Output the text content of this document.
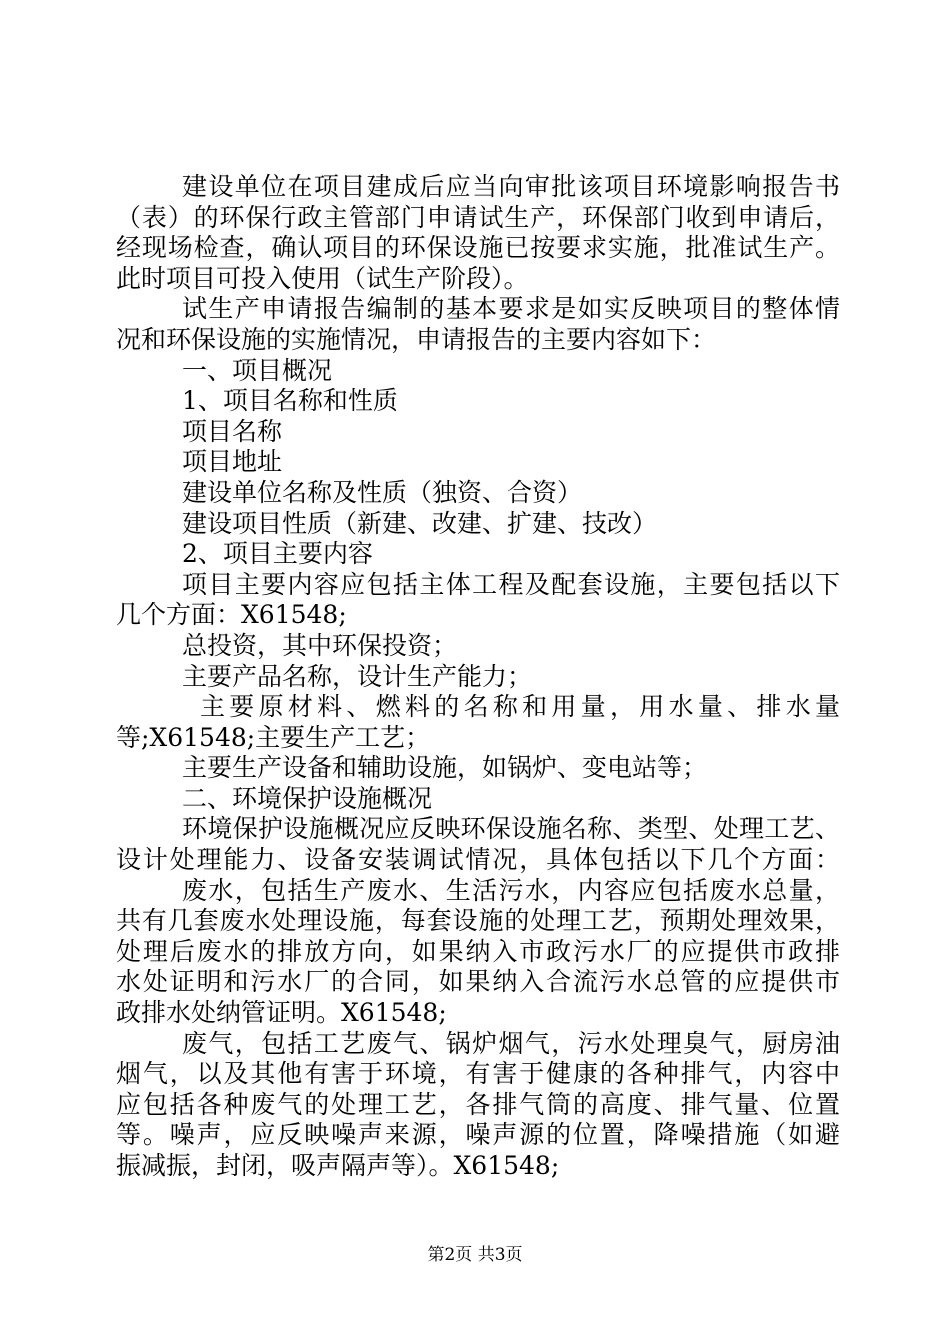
建设单位在项目建成后应当向审批该项目环境影响报告书
（表）的环保行政主管部门申请试生产，环保部门收到申请后，
经现场检查，确认项目的环保设施已按要求实施，批准试生产。
此时项目可投入使用（试生产阶段）。
试生产申请报告编制的基本要求是如实反映项目的整体情
况和环保设施的实施情况，申请报告的主要内容如下：
一、项目概况
1、项目名称和性质
项目名称
项目地址
建设单位名称及性质（独资、合资）
建设项目性质（新建、改建、扩建、技改）
2、项目主要内容
项目主要内容应包括主体工程及配套设施，主要包括以下
几个方面：X61548;
总投资，其中环保投资；
主要产品名称，设计生产能力；
主要原材料、燃料的名称和用量，用水量、排水量
等;X61548;主要生产工艺；
主要生产设备和辅助设施，如锅炉、变电站等；
二、环境保护设施概况
环境保护设施概况应反映环保设施名称、类型、处理工艺、
设计处理能力、设备安装调试情况，具体包括以下几个方面：
废水，包括生产废水、生活污水，内容应包括废水总量，
共有几套废水处理设施，每套设施的处理工艺，预期处理效果，
处理后废水的排放方向，如果纳入市政污水厂的应提供市政排
水处证明和污水厂的合同，如果纳入合流污水总管的应提供市
政排水处纳管证明。X61548;
废气，包括工艺废气、锅炉烟气，污水处理臭气，厨房油
烟气，以及其他有害于环境，有害于健康的各种排气，内容中
应包括各种废气的处理工艺，各排气筒的高度、排气量、位置
等。噪声，应反映噪声来源，噪声源的位置，降噪措施（如避
振减振，封闭，吸声隔声等）。X61548;
第2页 共3页
